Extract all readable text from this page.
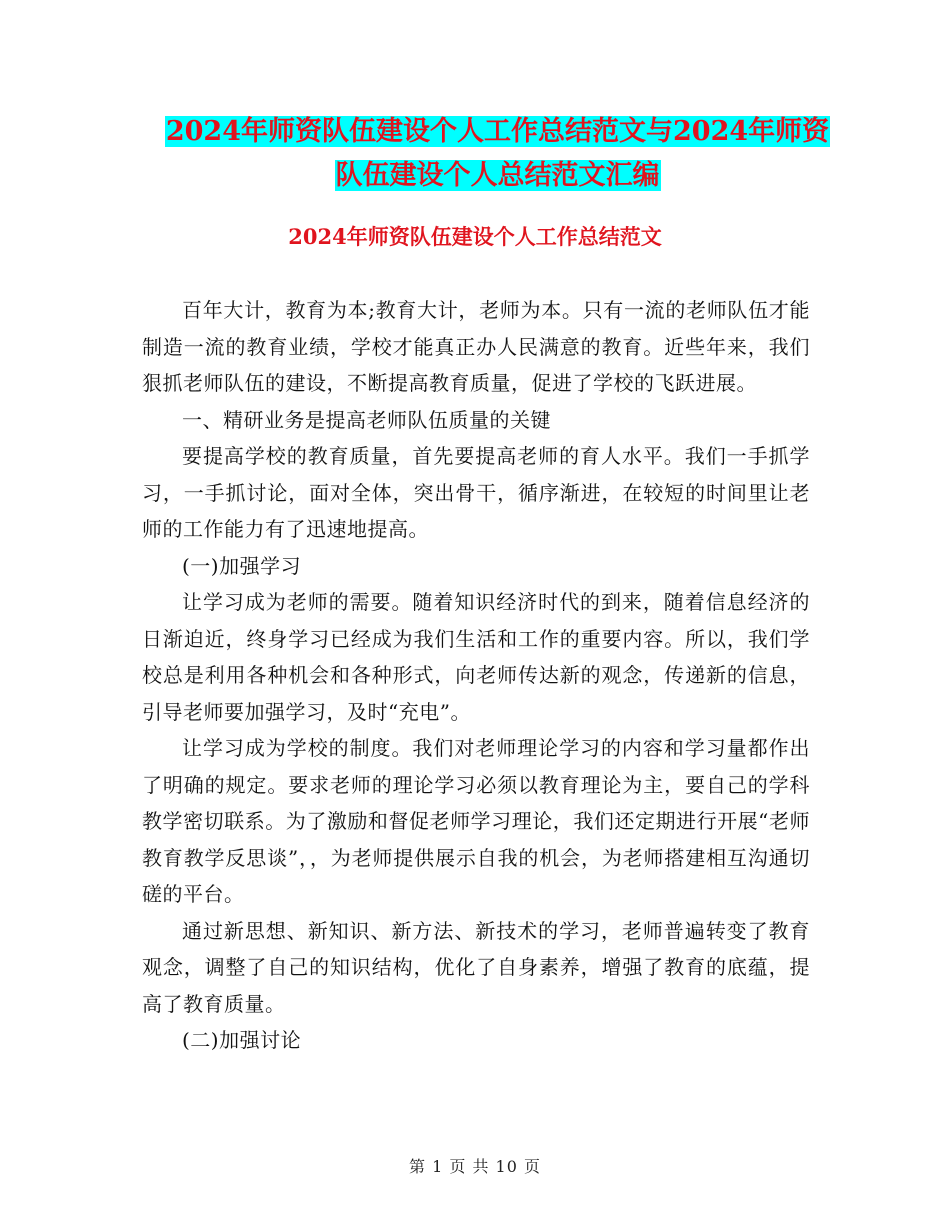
2024年师资队伍建设个人工作总结范文与2024年师资
队伍建设个人总结范文汇编
2024年师资队伍建设个人工作总结范文

百年大计，教育为本;教育大计，老师为本。只有一流的老师队伍才能制造一流的教育业绩，学校才能真正办人民满意的教育。近些年来，我们狠抓老师队伍的建设，不断提高教育质量，促进了学校的飞跃进展。

一、精研业务是提高老师队伍质量的关键

要提高学校的教育质量，首先要提高老师的育人水平。我们一手抓学习，一手抓讨论，面对全体，突出骨干，循序渐进，在较短的时间里让老师的工作能力有了迅速地提高。

(一)加强学习

让学习成为老师的需要。随着知识经济时代的到来，随着信息经济的日渐迫近，终身学习已经成为我们生活和工作的重要内容。所以，我们学校总是利用各种机会和各种形式，向老师传达新的观念，传递新的信息，引导老师要加强学习，及时“充电”。

让学习成为学校的制度。我们对老师理论学习的内容和学习量都作出了明确的规定。要求老师的理论学习必须以教育理论为主，要自己的学科教学密切联系。为了激励和督促老师学习理论，我们还定期进行开展“老师教育教学反思谈”，，为老师提供展示自我的机会，为老师搭建相互沟通切磋的平台。

通过新思想、新知识、新方法、新技术的学习，老师普遍转变了教育观念，调整了自己的知识结构，优化了自身素养，增强了教育的底蕴，提高了教育质量。

(二)加强讨论

第 1 页 共 10 页
